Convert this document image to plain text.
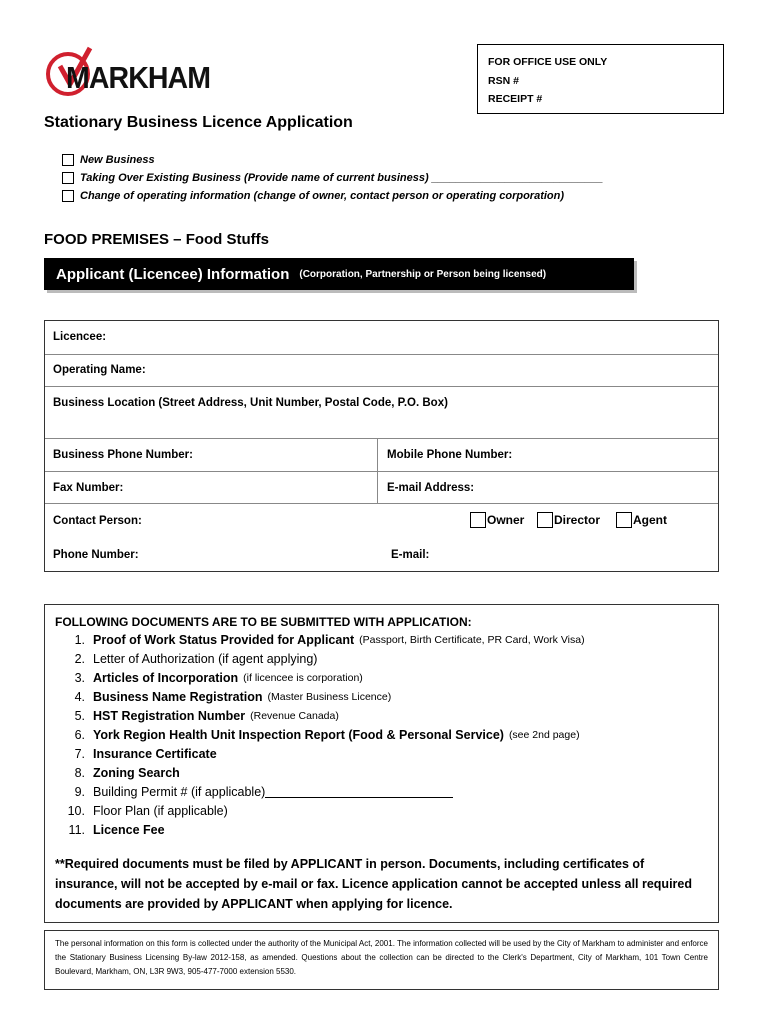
MARKHAM	FOR OFFICE USE ONLY
RSN #
RECEIPT #
Stationary Business Licence Application
New Business
Taking Over Existing Business (Provide name of current business) ____________________________
Change of operating information (change of owner, contact person or operating corporation)
FOOD PREMISES – Food Stuffs
Applicant (Licencee) Information (Corporation, Partnership or Person being licensed)
Licencee:
Operating Name:
Business Location (Street Address, Unit Number, Postal Code, P.O. Box)
Business Phone Number:	Mobile Phone Number:
Fax Number:	E-mail Address:
Contact Person:	Owner Director	Agent
Phone Number:	E-mail:
FOLLOWING DOCUMENTS ARE TO BE SUBMITTED WITH APPLICATION:
1. Proof of Work Status Provided for Applicant (Passport, Birth Certificate, PR Card, Work Visa)
2. Letter of Authorization (if agent applying)
3. Articles of Incorporation (if licencee is corporation)
4. Business Name Registration (Master Business Licence)
5. HST Registration Number (Revenue Canada)
6. York Region Health Unit Inspection Report (Food & Personal Service) (see 2nd page)
7. Insurance Certificate
8. Zoning Search
9. Building Permit # (if applicable)
10. Floor Plan (if applicable)
11. Licence Fee
**Required documents must be filed by APPLICANT in person. Documents, including certificates of insurance, will not be accepted by e-mail or fax. Licence application cannot be accepted unless all required documents are provided by APPLICANT when applying for licence.
The personal information on this form is collected under the authority of the Municipal Act, 2001. The information collected will be used by the City of Markham to administer and enforce the Stationary Business Licensing By-law 2012-158, as amended. Questions about the collection can be directed to the Clerk's Department, City of Markham, 101 Town Centre Boulevard, Markham, ON, L3R 9W3, 905-477-7000 extension 5530.
